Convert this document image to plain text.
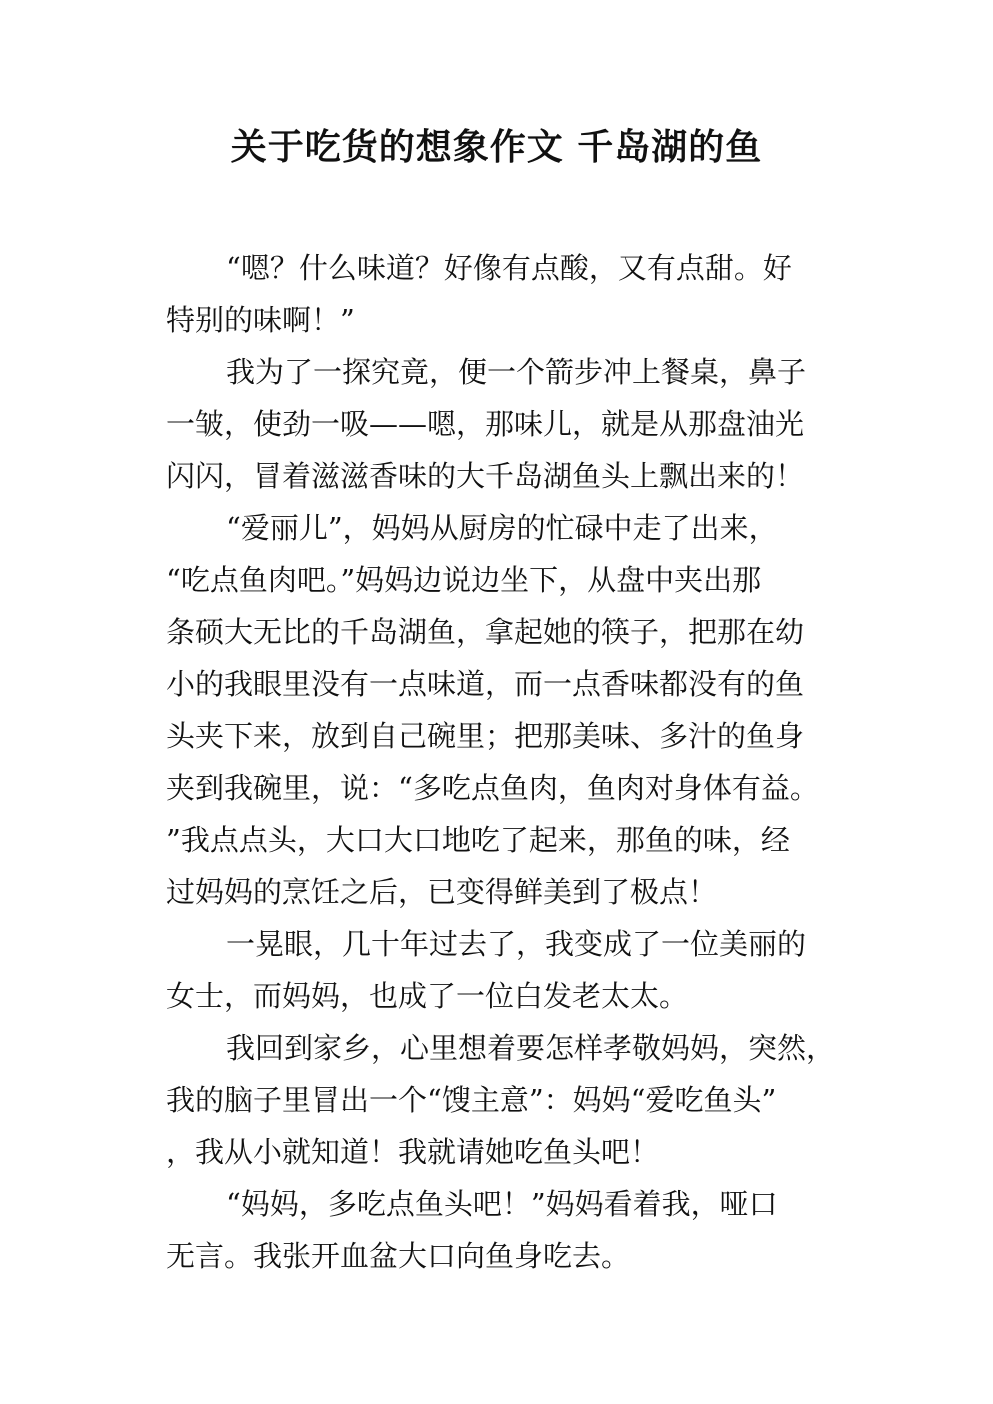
关于吃货的想象作文 千岛湖的鱼

“嗯？什么味道？好像有点酸，又有点甜。好

特别的味啊！”

我为了一探究竟，便一个箭步冲上餐桌，鼻子

一皱，使劲一吸——嗯，那味儿，就是从那盘油光

闪闪，冒着滋滋香味的大千岛湖鱼头上飘出来的！

“爱丽儿”，妈妈从厨房的忙碌中走了出来，

“吃点鱼肉吧。”妈妈边说边坐下，从盘中夹出那

条硕大无比的千岛湖鱼，拿起她的筷子，把那在幼

小的我眼里没有一点味道，而一点香味都没有的鱼

头夹下来，放到自己碗里；把那美味、多汁的鱼身

夹到我碗里，说：“多吃点鱼肉，鱼肉对身体有益。

”我点点头，大口大口地吃了起来，那鱼的味，经

过妈妈的烹饪之后，已变得鲜美到了极点！

一晃眼，几十年过去了，我变成了一位美丽的

女士，而妈妈，也成了一位白发老太太。

我回到家乡，心里想着要怎样孝敬妈妈，突然，

我的脑子里冒出一个“馊主意”：妈妈“爱吃鱼头”

，我从小就知道！我就请她吃鱼头吧！

“妈妈，多吃点鱼头吧！”妈妈看着我，哑口

无言。我张开血盆大口向鱼身吃去。
